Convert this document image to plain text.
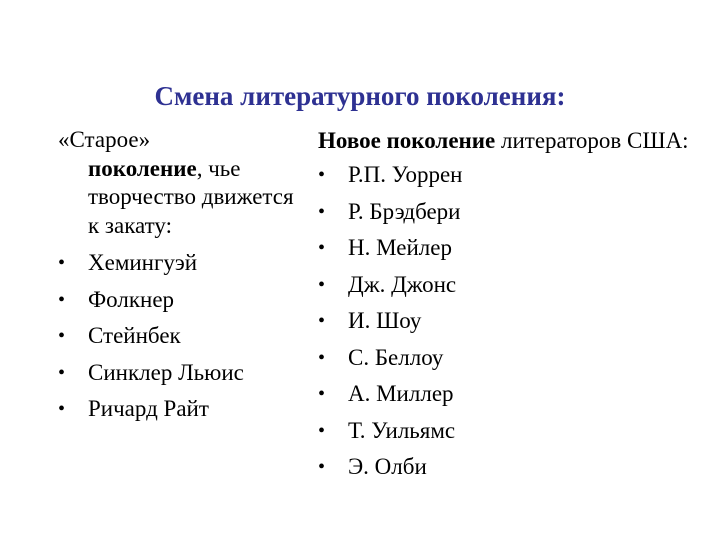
Смена литературного поколения:

«Старое»
поколение, чье творчество движется к закату:

• Хемингуэй
• Фолкнер
• Стейнбек
• Синклер Льюис
• Ричард Райт

Новое поколение литераторов США:

• Р.П. Уоррен
• Р. Брэдбери
• Н. Мейлер
• Дж. Джонс
• И. Шоу
• С. Беллоу
• А. Миллер
• Т. Уильямс
• Э. Олби
